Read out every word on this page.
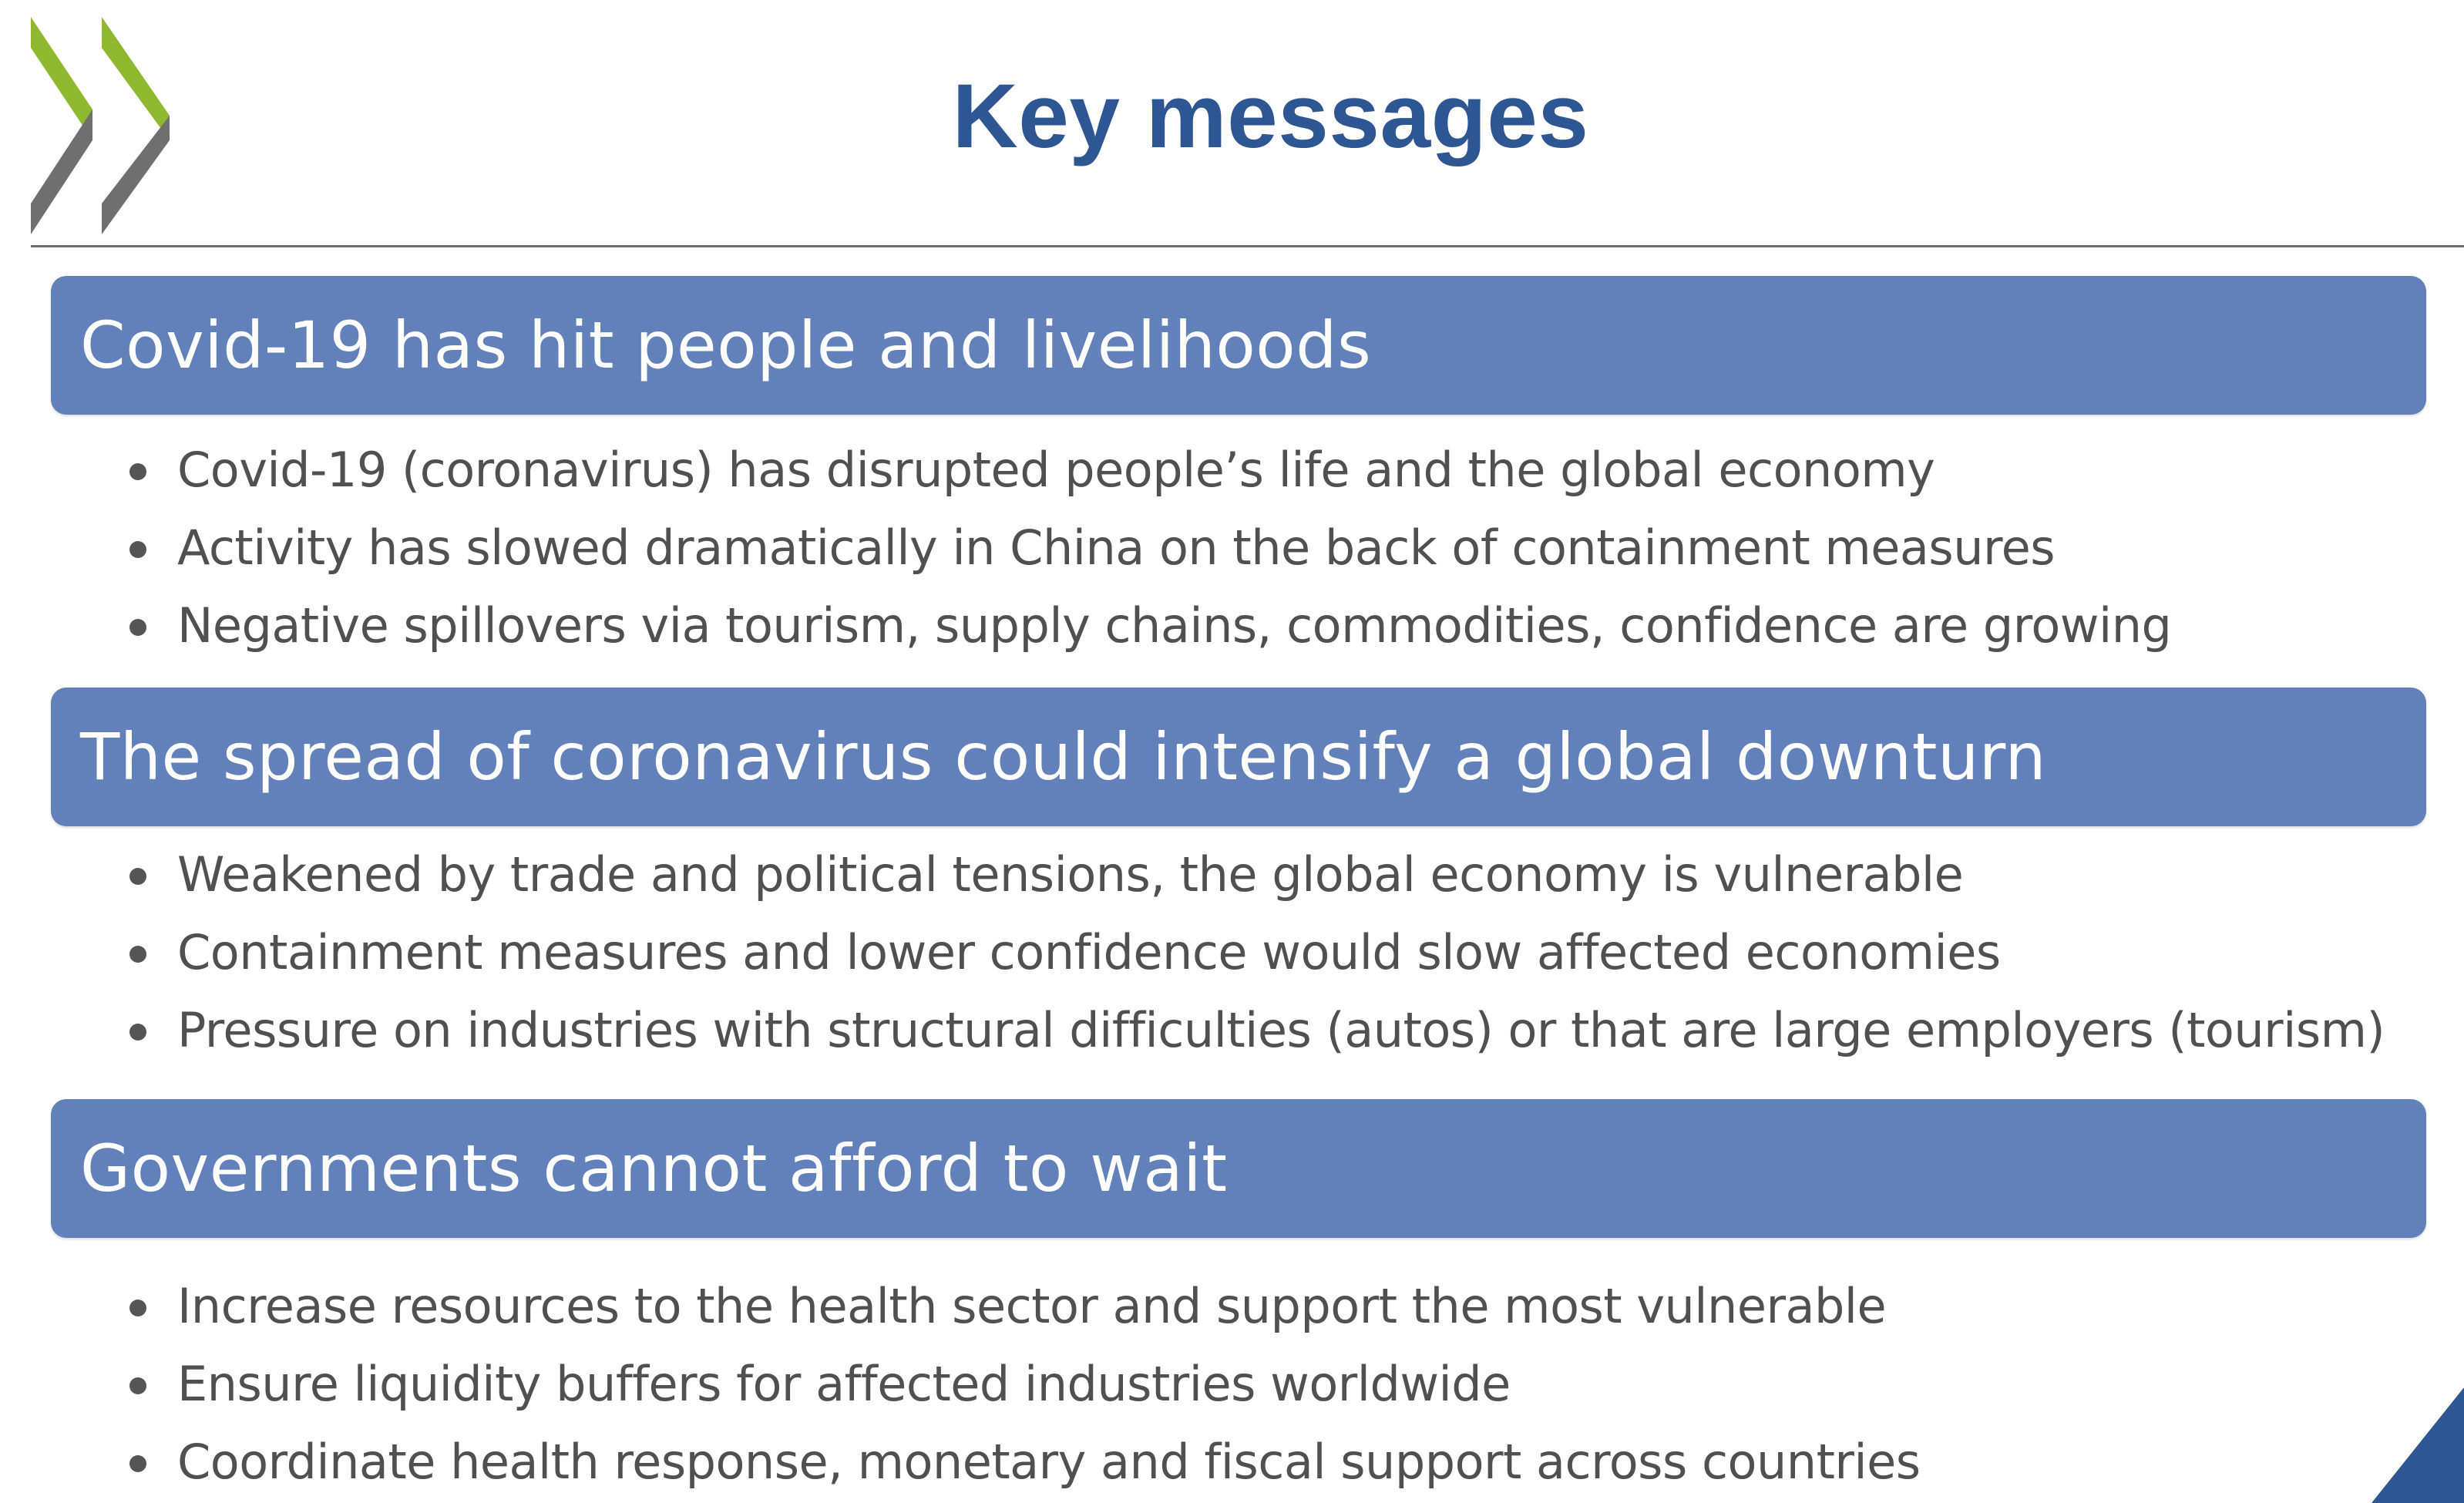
Key messages
Covid-19 has hit people and livelihoods
Covid-19 (coronavirus) has disrupted people’s life and the global economy
Activity has slowed dramatically in China on the back of containment measures
Negative spillovers via tourism, supply chains, commodities, confidence are growing
The spread of coronavirus could intensify a global downturn
Weakened by trade and political tensions, the global economy is vulnerable
Containment measures and lower confidence would slow affected economies
Pressure on industries with structural difficulties (autos) or that are large employers (tourism)
Governments cannot afford to wait
Increase resources to the health sector and support the most vulnerable
Ensure liquidity buffers for affected industries worldwide
Coordinate health response, monetary and fiscal support across countries
